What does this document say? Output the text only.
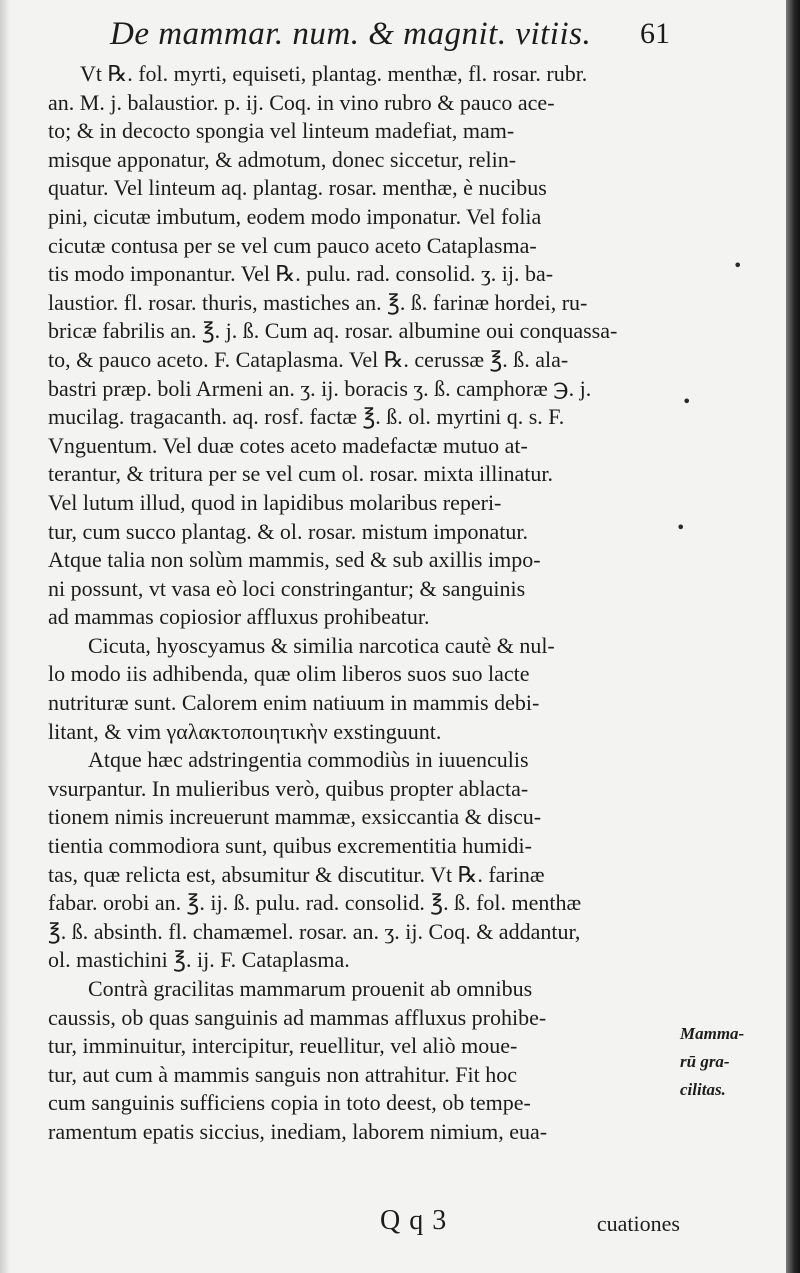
De mammar. num. & magnit. vitiis. 61
Vt ℞. fol. myrti, equiseti, plantag. menthæ, fl. rosar. rubr.
an. M. j. balaustior. p. ij. Coq. in vino rubro & pauco ace-
to; & in decocto spongia vel linteum madefiat, mam-
misque apponatur, & admotum, donec siccetur, relin-
quatur. Vel linteum aq. plantag. rosar. menthæ, è nucibus
pini, cicutæ imbutum, eodem modo imponatur. Vel folia
cicutæ contusa per se vel cum pauco aceto Cataplasma-
tis modo imponantur. Vel ℞. pulu. rad. consolid. ʒ. ij. ba-
laustior. fl. rosar. thuris, mastiches an. ℥. ß. farinæ hordei, ru-
bricæ fabrilis an. ℥. j. ß. Cum aq. rosar. albumine oui conquassa-
to, & pauco aceto. F. Cataplasma. Vel ℞. cerussæ ℥. ß. ala-
bastri præp. boli Armeni an. ʒ. ij. boracis ʒ. ß. camphoræ ℈. j.
mucilag. tragacanth. aq. rosf. factæ ℥. ß. ol. myrtini q. s. F.
Vnguentum. Vel duæ cotes aceto madefactæ mutuo at-
terantur, & tritura per se vel cum ol. rosar. mixta illinatur.
Vel lutum illud, quod in lapidibus molaribus reperi-
tur, cum succo plantag. & ol. rosar. mistum imponatur.
Atque talia non solùm mammis, sed & sub axillis impo-
ni possunt, vt vasa eò loci constringantur; & sanguinis
ad mammas copiosior affluxus prohibeatur.
Cicuta, hyoscyamus & similia narcotica cautè & nul-
lo modo iis adhibenda, quæ olim liberos suos suo lacte
nutrituræ sunt. Calorem enim natiuum in mammis debi-
litant, & vim γαλακτοποιητικὴν exstinguunt.
Atque hæc adstringentia commodiùs in iuuenculis
vsurpantur. In mulieribus verò, quibus propter ablacta-
tionem nimis increuerunt mammæ, exsiccantia & discu-
tientia commodiora sunt, quibus excrementitia humidi-
tas, quæ relicta est, absumitur & discutitur. Vt ℞. farinæ
fabar. orobi an. ℥. ij. ß. pulu. rad. consolid. ℥. ß. fol. menthæ
℥. ß. absinth. fl. chamæmel. rosar. an. ʒ. ij. Coq. & addantur,
ol. mastichini ℥. ij. F. Cataplasma.
Contrà gracilitas mammarum prouenit ab omnibus
caussis, ob quas sanguinis ad mammas affluxus prohibe-
tur, imminuitur, intercipitur, reuellitur, vel aliò moue-
tur, aut cum à mammis sanguis non attrahitur. Fit hoc
cum sanguinis sufficiens copia in toto deest, ob tempe-
ramentum epatis siccius, inediam, laborem nimium, eua-
Mamma-
rū gra-
cilitas.
Q q 3	cuationes
•
•
•
